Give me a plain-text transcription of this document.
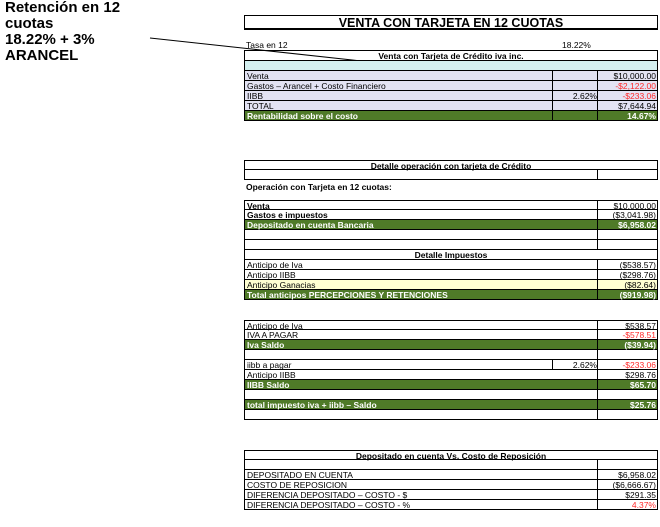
Retención en 12
cuotas
18.22% + 3%
ARANCEL
VENTA CON TARJETA EN 12 CUOTAS
Tasa en 12	18.22%
Venta con Tarjeta de Crédito iva inc.
Venta	$10,000.00
Gastos – Arancel + Costo Financiero	-$2,122.00
IIBB	2.62%	-$233.06
TOTAL	$7,644.94
Rentabilidad sobre el costo	14.67%
Detalle operación con tarjeta de Crédito
Operación con Tarjeta en 12 cuotas:
Venta	$10,000.00
Gastos e impuestos	($3,041.98)
Depositado en cuenta Bancaria	$6,958.02
Detalle Impuestos
Anticipo de Iva	($538.57)
Anticipo IIBB	($298.76)
Anticipo Ganacias	($82.64)
Total anticipos PERCEPCIONES Y RETENCIONES	($919.98)
Anticipo de Iva	$538.57
IVA A PAGAR	-$578.51
Iva Saldo	($39.94)
iibb a pagar	2.62%	-$233.06
Anticipo IIBB	$298.76
IIBB Saldo	$65.70
total impuesto iva + iibb – Saldo	$25.76
Depositado en cuenta Vs. Costo de Reposición
DEPOSITADO EN CUENTA	$6,958.02
COSTO DE REPOSICION	($6,666.67)
DIFERENCIA DEPOSITADO – COSTO - $	$291.35
DIFERENCIA DEPOSITADO – COSTO - %	4.37%
